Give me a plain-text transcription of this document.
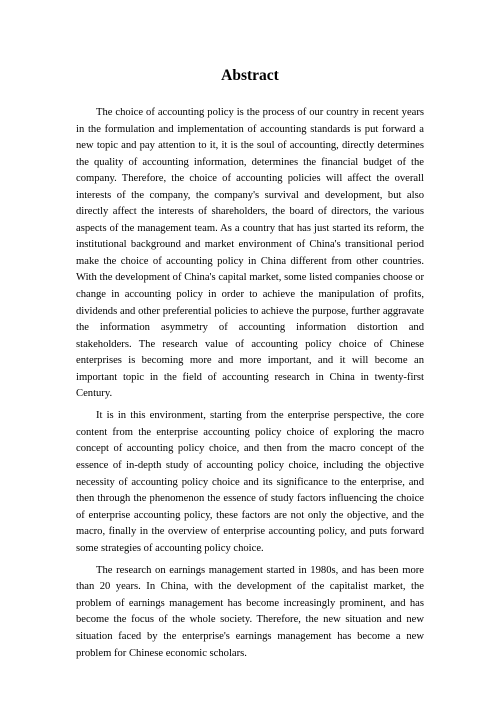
Abstract

The choice of accounting policy is the process of our country in recent years in the formulation and implementation of accounting standards is put forward a new topic and pay attention to it, it is the soul of accounting, directly determines the quality of accounting information, determines the financial budget of the company. Therefore, the choice of accounting policies will affect the overall interests of the company, the company's survival and development, but also directly affect the interests of shareholders, the board of directors, the various aspects of the management team. As a country that has just started its reform, the institutional background and market environment of China's transitional period make the choice of accounting policy in China different from other countries. With the development of China's capital market, some listed companies choose or change in accounting policy in order to achieve the manipulation of profits, dividends and other preferential policies to achieve the purpose, further aggravate the information asymmetry of accounting information distortion and stakeholders. The research value of accounting policy choice of Chinese enterprises is becoming more and more important, and it will become an important topic in the field of accounting research in China in twenty-first Century.

It is in this environment, starting from the enterprise perspective, the core content from the enterprise accounting policy choice of exploring the macro concept of accounting policy choice, and then from the macro concept of the essence of in-depth study of accounting policy choice, including the objective necessity of accounting policy choice and its significance to the enterprise, and then through the phenomenon the essence of study factors influencing the choice of enterprise accounting policy, these factors are not only the objective, and the macro, finally in the overview of enterprise accounting policy, and puts forward some strategies of accounting policy choice.

The research on earnings management started in 1980s, and has been more than 20 years. In China, with the development of the capitalist market, the problem of earnings management has become increasingly prominent, and has become the focus of the whole society. Therefore, the new situation and new situation faced by the enterprise's earnings management has become a new problem for Chinese economic scholars.
